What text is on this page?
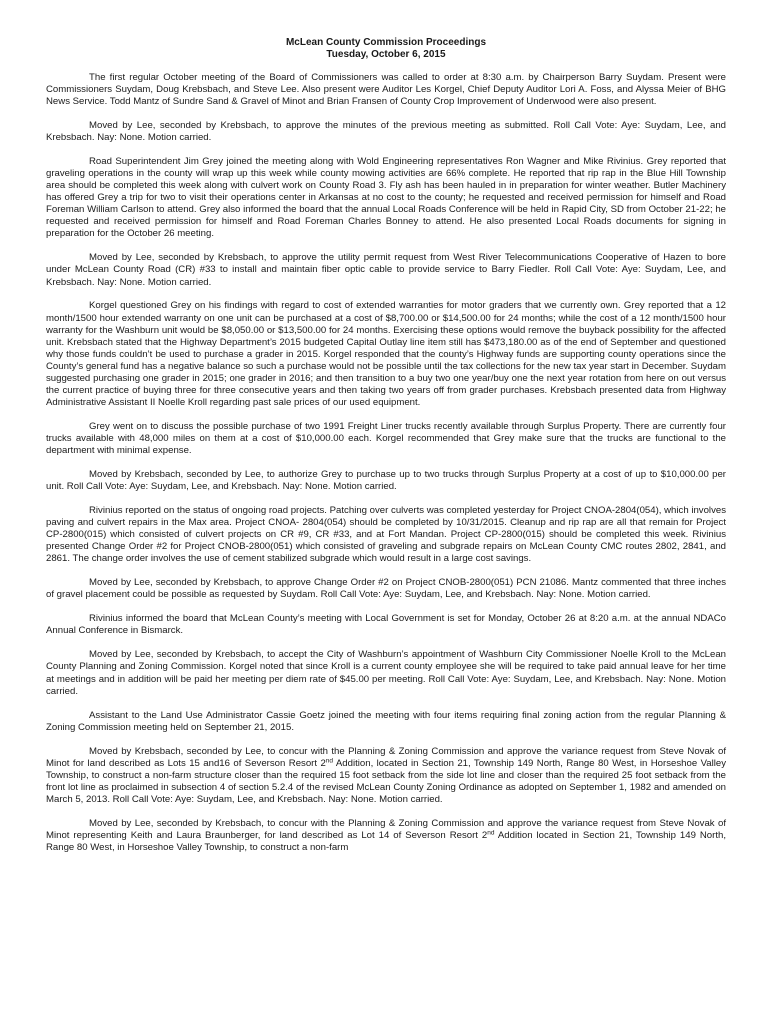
McLean County Commission Proceedings
Tuesday, October 6, 2015

The first regular October meeting of the Board of Commissioners was called to order at 8:30 a.m. by Chairperson Barry Suydam. Present were Commissioners Suydam, Doug Krebsbach, and Steve Lee. Also present were Auditor Les Korgel, Chief Deputy Auditor Lori A. Foss, and Alyssa Meier of BHG News Service. Todd Mantz of Sundre Sand & Gravel of Minot and Brian Fransen of County Crop Improvement of Underwood were also present.

Moved by Lee, seconded by Krebsbach, to approve the minutes of the previous meeting as submitted. Roll Call Vote: Aye: Suydam, Lee, and Krebsbach. Nay: None. Motion carried.

Road Superintendent Jim Grey joined the meeting along with Wold Engineering representatives Ron Wagner and Mike Rivinius. Grey reported that graveling operations in the county will wrap up this week while county mowing activities are 66% complete. He reported that rip rap in the Blue Hill Township area should be completed this week along with culvert work on County Road 3. Fly ash has been hauled in in preparation for winter weather. Butler Machinery has offered Grey a trip for two to visit their operations center in Arkansas at no cost to the county; he requested and received permission for himself and Road Foreman William Carlson to attend. Grey also informed the board that the annual Local Roads Conference will be held in Rapid City, SD from October 21-22; he requested and received permission for himself and Road Foreman Charles Bonney to attend. He also presented Local Roads documents for signing in preparation for the October 26 meeting.

Moved by Lee, seconded by Krebsbach, to approve the utility permit request from West River Telecommunications Cooperative of Hazen to bore under McLean County Road (CR) #33 to install and maintain fiber optic cable to provide service to Barry Fiedler. Roll Call Vote: Aye: Suydam, Lee, and Krebsbach. Nay: None. Motion carried.

Korgel questioned Grey on his findings with regard to cost of extended warranties for motor graders that we currently own. Grey reported that a 12 month/1500 hour extended warranty on one unit can be purchased at a cost of $8,700.00 or $14,500.00 for 24 months; while the cost of a 12 month/1500 hour warranty for the Washburn unit would be $8,050.00 or $13,500.00 for 24 months. Exercising these options would remove the buyback possibility for the affected unit. Krebsbach stated that the Highway Department’s 2015 budgeted Capital Outlay line item still has $473,180.00 as of the end of September and questioned why those funds couldn’t be used to purchase a grader in 2015. Korgel responded that the county’s Highway funds are supporting county operations since the County’s general fund has a negative balance so such a purchase would not be possible until the tax collections for the new tax year start in December. Suydam suggested purchasing one grader in 2015; one grader in 2016; and then transition to a buy two one year/buy one the next year rotation from here on out versus the current practice of buying three for three consecutive years and then taking two years off from grader purchases. Krebsbach presented data from Highway Administrative Assistant II Noelle Kroll regarding past sale prices of our used equipment.

Grey went on to discuss the possible purchase of two 1991 Freight Liner trucks recently available through Surplus Property. There are currently four trucks available with 48,000 miles on them at a cost of $10,000.00 each. Korgel recommended that Grey make sure that the trucks are functional to the department with minimal expense.

Moved by Krebsbach, seconded by Lee, to authorize Grey to purchase up to two trucks through Surplus Property at a cost of up to $10,000.00 per unit. Roll Call Vote: Aye: Suydam, Lee, and Krebsbach. Nay: None. Motion carried.

Rivinius reported on the status of ongoing road projects. Patching over culverts was completed yesterday for Project CNOA-2804(054), which involves paving and culvert repairs in the Max area. Project CNOA- 2804(054) should be completed by 10/31/2015. Cleanup and rip rap are all that remain for Project CP-2800(015) which consisted of culvert projects on CR #9, CR #33, and at Fort Mandan. Project CP-2800(015) should be completed this week. Rivinius presented Change Order #2 for Project CNOB-2800(051) which consisted of graveling and subgrade repairs on McLean County CMC routes 2802, 2841, and 2861. The change order involves the use of cement stabilized subgrade which would result in a large cost savings.

Moved by Lee, seconded by Krebsbach, to approve Change Order #2 on Project CNOB-2800(051) PCN 21086. Mantz commented that three inches of gravel placement could be possible as requested by Suydam. Roll Call Vote: Aye: Suydam, Lee, and Krebsbach. Nay: None. Motion carried.

Rivinius informed the board that McLean County’s meeting with Local Government is set for Monday, October 26 at 8:20 a.m. at the annual NDACo Annual Conference in Bismarck.

Moved by Lee, seconded by Krebsbach, to accept the City of Washburn’s appointment of Washburn City Commissioner Noelle Kroll to the McLean County Planning and Zoning Commission. Korgel noted that since Kroll is a current county employee she will be required to take paid annual leave for her time at meetings and in addition will be paid her meeting per diem rate of $45.00 per meeting. Roll Call Vote: Aye: Suydam, Lee, and Krebsbach. Nay: None. Motion carried.

Assistant to the Land Use Administrator Cassie Goetz joined the meeting with four items requiring final zoning action from the regular Planning & Zoning Commission meeting held on September 21, 2015.

Moved by Krebsbach, seconded by Lee, to concur with the Planning & Zoning Commission and approve the variance request from Steve Novak of Minot for land described as Lots 15 and16 of Severson Resort 2nd Addition, located in Section 21, Township 149 North, Range 80 West, in Horseshoe Valley Township, to construct a non-farm structure closer than the required 15 foot setback from the side lot line and closer than the required 25 foot setback from the front lot line as proclaimed in subsection 4 of section 5.2.4 of the revised McLean County Zoning Ordinance as adopted on September 1, 1982 and amended on March 5, 2013. Roll Call Vote: Aye: Suydam, Lee, and Krebsbach. Nay: None. Motion carried.

Moved by Lee, seconded by Krebsbach, to concur with the Planning & Zoning Commission and approve the variance request from Steve Novak of Minot representing Keith and Laura Braunberger, for land described as Lot 14 of Severson Resort 2nd Addition located in Section 21, Township 149 North, Range 80 West, in Horseshoe Valley Township, to construct a non-farm
